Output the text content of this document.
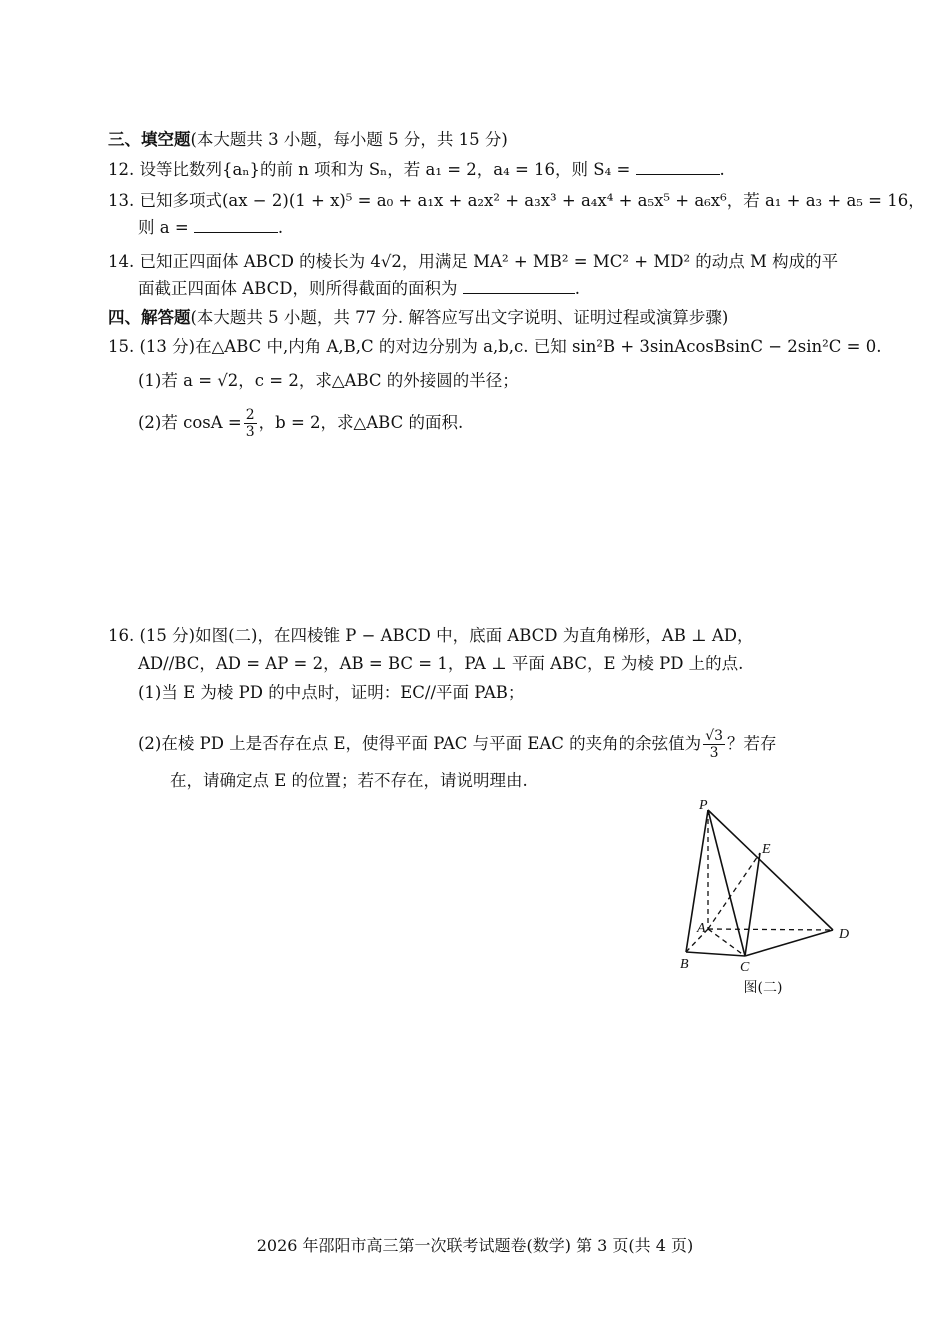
三、填空题(本大题共 3 小题，每小题 5 分，共 15 分)
12. 设等比数列{aₙ}的前 n 项和为 Sₙ，若 a₁ = 2，a₄ = 16，则 S₄ =	.
13. 已知多项式(ax − 2)(1 + x)⁵ = a₀ + a₁x + a₂x² + a₃x³ + a₄x⁴ + a₅x⁵ + a₆x⁶，若 a₁ + a₃ + a₅ = 16，
则 a =	.
14. 已知正四面体 ABCD 的棱长为 4√2，用满足 MA² + MB² = MC² + MD² 的动点 M 构成的平
面截正四面体 ABCD，则所得截面的面积为	.
四、解答题(本大题共 5 小题，共 77 分. 解答应写出文字说明、证明过程或演算步骤)
15. (13 分)在△ABC 中,内角 A,B,C 的对边分别为 a,b,c. 已知 sin²B + 3sinAcosBsinC − 2sin²C = 0.
(1)若 a = √2，c = 2，求△ABC 的外接圆的半径；
(2)若 $\cos A = \frac{2}{3}$ ，b = 2，求△ABC 的面积.
16. (15 分)如图(二)，在四棱锥 P − ABCD 中，底面 ABCD 为直角梯形，AB ⊥ AD，
AD//BC，AD = AP = 2，AB = BC = 1，PA ⊥ 平面 ABC，E 为棱 PD 上的点.
(1)当 E 为棱 PD 的中点时，证明：EC//平面 PAB；
(2)在棱 PD 上是否存在点 E，使得平面 PAC 与平面 EAC 的夹角的余弦值为 $\frac{√3}{3}$ ？若存
在，请确定点 E 的位置；若不存在，请说明理由.
P
E
A	D
B	C
图(二)
2026 年邵阳市高三第一次联考试题卷(数学) 第 3 页(共 4 页)
